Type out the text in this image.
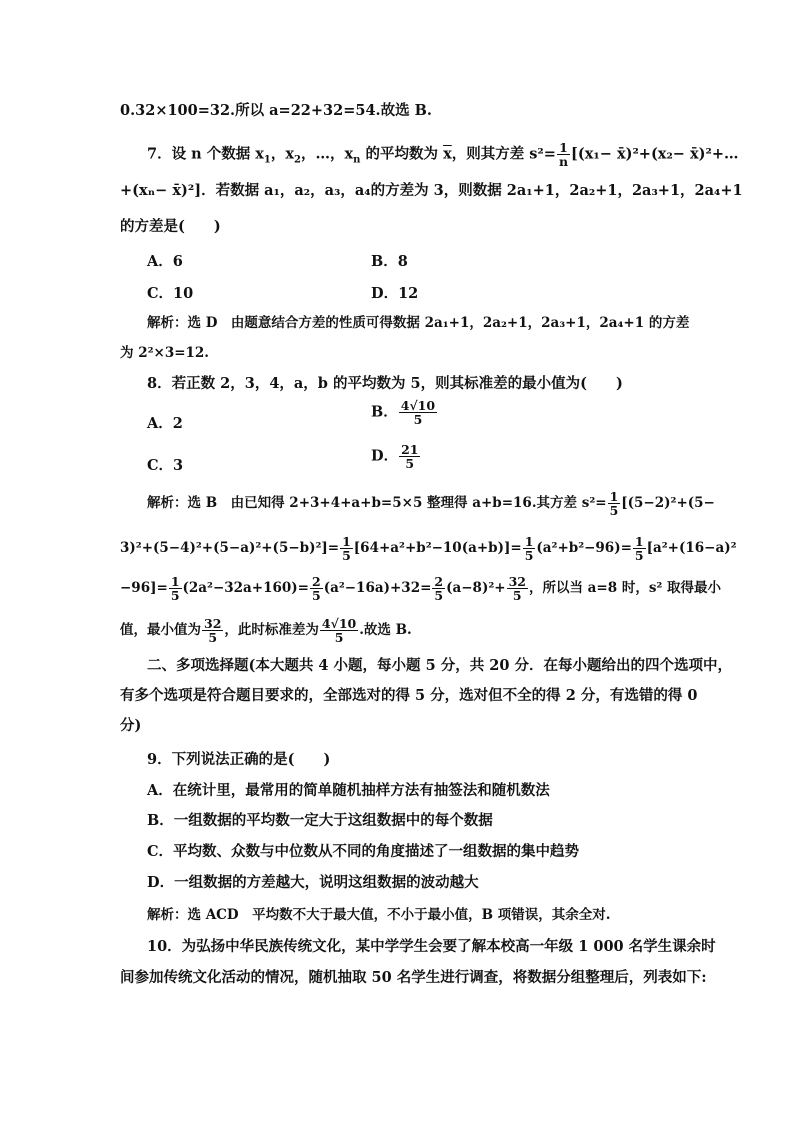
0.32×100=32.所以 a=22+32=54.故选 B.
7．设 n 个数据 $x_1$，$x_2$，…，$x_n$ 的平均数为 $\overline{x}$，则其方差 $s^2= \frac{1}{n} [(x_1-$ x̄)²+(x₂− x̄)²+…
+(xₙ− x̄)²]．若数据 a₁，a₂，a₃，a₄的方差为 3，则数据 2a₁+1，2a₂+1，2a₃+1，2a₄+1
的方差是(　　)
A．6	B．8
C．10	D．12
解析：选 D　由题意结合方差的性质可得数据 2a₁+1，2a₂+1，2a₃+1，2a₄+1 的方差
为 2²×3=12.
8．若正数 2，3，4，a，b 的平均数为 5，则其标准差的最小值为(　　)
A．2
B． $\frac{4√10}{5}$
C．3
D． $\frac{21}{5}$
解析：选 B　由已知得 2+3+4+a+b=5×5 整理得 a+b=16.其方差 $s^2= \frac{1}{5} [(5-2)^2+(5-$
$3)^2+(5-4)^2+(5-a)^2+(5-b)^2]= \frac{1}{5} [64+a^2+b^2-10(a+b)]= \frac{1}{5} (a^2+b^2-96)= \frac{1}{5} [a^2+(16-a)^2$
$-96]= \frac{1}{5} (2a^2-32a+160)= \frac{2}{5} (a^2-16a)+32= \frac{2}{5} (a-8)^2+ \frac{32}{5}$ ，所以当 a=8 时，s² 取得最小
值，最小值为 $\frac{32}{5}$ ，此时标准差为 $\frac{4√10}{5}$ .故选 B.
二、多项选择题(本大题共 4 小题，每小题 5 分，共 20 分．在每小题给出的四个选项中，
有多个选项是符合题目要求的，全部选对的得 5 分，选对但不全的得 2 分，有选错的得 0
分)
9．下列说法正确的是(　　)
A．在统计里，最常用的简单随机抽样方法有抽签法和随机数法
B．一组数据的平均数一定大于这组数据中的每个数据
C．平均数、众数与中位数从不同的角度描述了一组数据的集中趋势
D．一组数据的方差越大，说明这组数据的波动越大
解析：选 ACD　平均数不大于最大值，不小于最小值，B 项错误，其余全对.
10．为弘扬中华民族传统文化，某中学学生会要了解本校高一年级 1 000 名学生课余时
间参加传统文化活动的情况，随机抽取 50 名学生进行调查，将数据分组整理后，列表如下:
